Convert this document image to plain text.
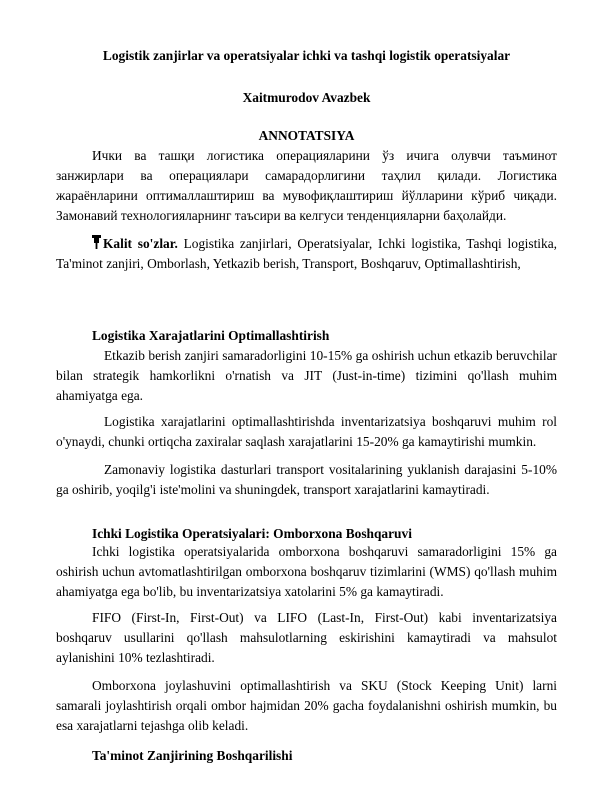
Logistik zanjirlar va operatsiyalar ichki va tashqi logistik operatsiyalar
Xaitmurodov Avazbek
ANNOTATSIYA
Ички ва ташқи логистика операцияларини ўз ичига олувчи таъминот занжирлари ва операциялари самарадорлигини таҳлил қилади. Логистика жараёнларини оптималлаштириш ва мувофиқлаштириш йўлларини кўриб чиқади. Замонавий технологияларнинг таъсири ва келгуси тенденцияларни баҳолайди.
Kalit so'zlar. Logistika zanjirlari, Operatsiyalar, Ichki logistika, Tashqi logistika, Ta'minot zanjiri, Omborlash, Yetkazib berish, Transport, Boshqaruv, Optimallashtirish,
Logistika Xarajatlarini Optimallashtirish
Etkazib berish zanjiri samaradorligini 10-15% ga oshirish uchun etkazib beruvchilar bilan strategik hamkorlikni o'rnatish va JIT (Just-in-time) tizimini qo'llash muhim ahamiyatga ega.
Logistika xarajatlarini optimallashtirishda inventarizatsiya boshqaruvi muhim rol o'ynaydi, chunki ortiqcha zaxiralar saqlash xarajatlarini 15-20% ga kamaytirishi mumkin.
Zamonaviy logistika dasturlari transport vositalarining yuklanish darajasini 5-10% ga oshirib, yoqilg'i iste'molini va shuningdek, transport xarajatlarini kamaytiradi.
Ichki Logistika Operatsiyalari: Omborxona Boshqaruvi
Ichki logistika operatsiyalarida omborxona boshqaruvi samaradorligini 15% ga oshirish uchun avtomatlashtirilgan omborxona boshqaruv tizimlarini (WMS) qo'llash muhim ahamiyatga ega bo'lib, bu inventarizatsiya xatolarini 5% ga kamaytiradi.
FIFO (First-In, First-Out) va LIFO (Last-In, First-Out) kabi inventarizatsiya boshqaruv usullarini qo'llash mahsulotlarning eskirishini kamaytiradi va mahsulot aylanishini 10% tezlashtiradi.
Omborxona joylashuvini optimallashtirish va SKU (Stock Keeping Unit) larni samarali joylashtirish orqali ombor hajmidan 20% gacha foydalanishni oshirish mumkin, bu esa xarajatlarni tejashga olib keladi.
Ta'minot Zanjirining Boshqarilishi
